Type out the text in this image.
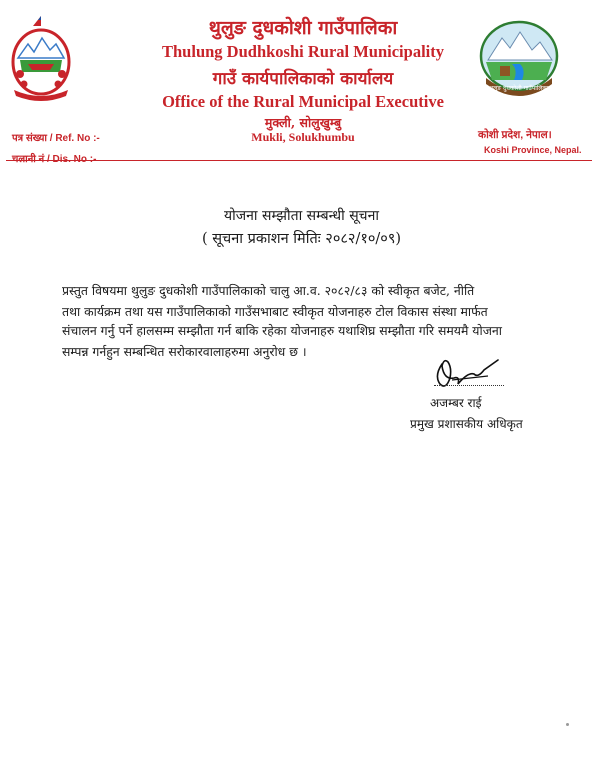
थुलुङ दुधकोशी गाउँपालिका
Thulung Dudhkoshi Rural Municipality
गाउँ कार्यपालिकाको कार्यालय
Office of the Rural Municipal Executive
मुक्ली, सोलुखुम्बु
Mukli, Solukhumbu
थुलुङ दुधकोशी गाउँपालिका
पत्र संख्या / Ref. No :-
चलानी नं / Dis. No :-
कोशी प्रदेश, नेपाल।
Koshi Province, Nepal.
योजना सम्झौता सम्बन्धी सूचना
( सूचना प्रकाशन मितिः २०८२/१०/०९)
प्रस्तुत विषयमा थुलुङ दुधकोशी गाउँपालिकाको चालु आ.व. २०८२/८३ को स्वीकृत बजेट, नीति
तथा कार्यक्रम तथा यस गाउँपालिकाको गाउँसभाबाट स्वीकृत योजनाहरु टोल विकास संस्था मार्फत
संचालन गर्नु पर्ने हालसम्म सम्झौता गर्न बाकि रहेका योजनाहरु यथाशिघ्र सम्झौता गरि समयमै योजना
सम्पन्न गर्नहुन सम्बन्धित सरोकारवालाहरुमा अनुरोध छ ।
अजम्बर राई
प्रमुख प्रशासकीय अधिकृत
